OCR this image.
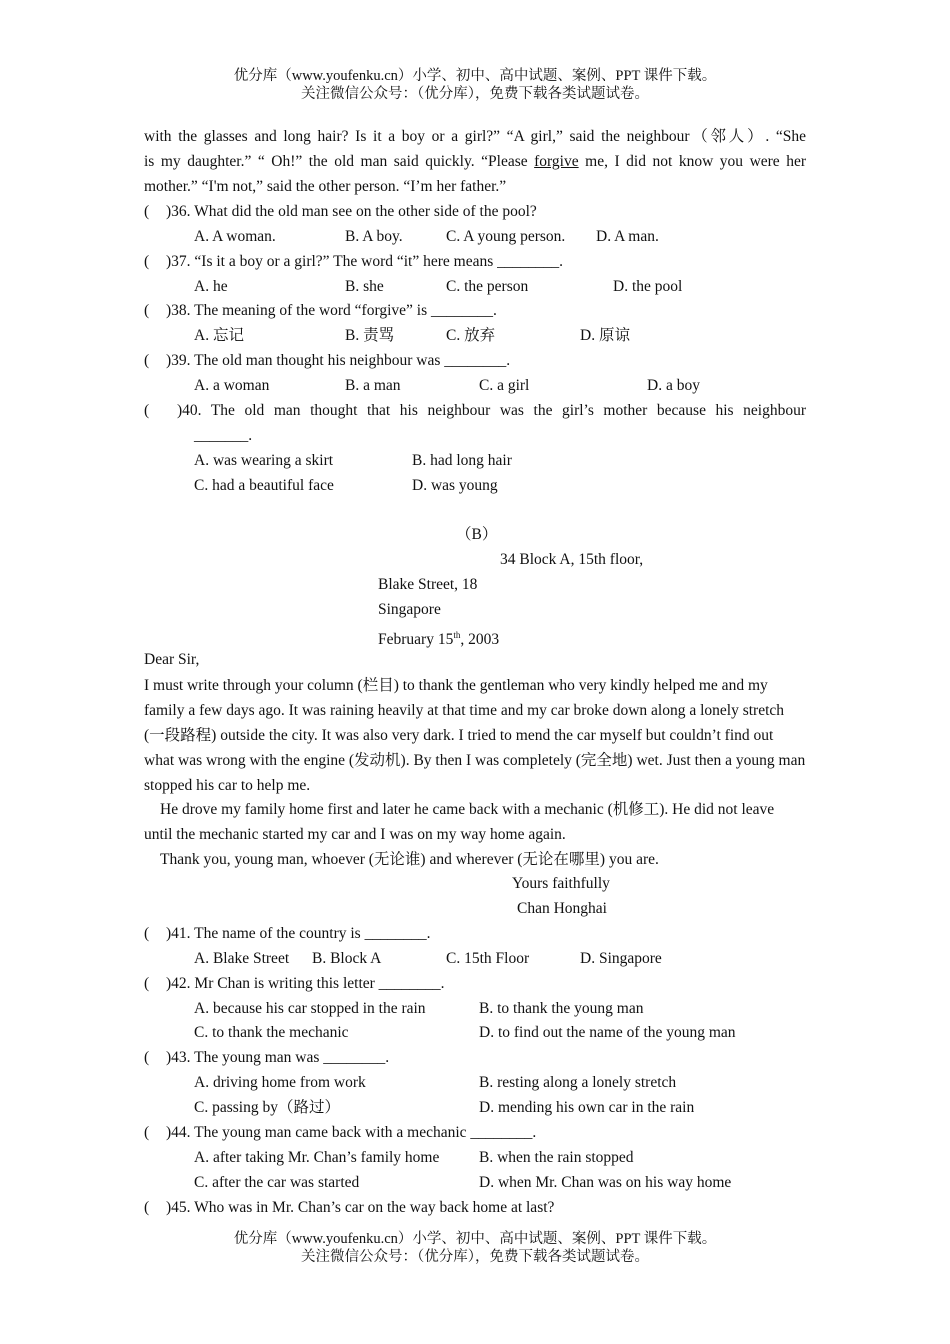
优分库（www.youfenku.cn）小学、初中、高中试题、案例、PPT 课件下载。
关注微信公众号：（优分库），免费下载各类试题试卷。
with the glasses and long hair? Is it a boy or a girl?” “A girl,” said the neighbour（邻人）. “She
is my daughter.” “ Oh!” the old man said quickly. “Please forgive me, I did not know you were her
mother.” “I'm not,” said the other person. “I’m her father.”
( )36. What did the old man see on the other side of the pool?
A. A woman.	B. A boy.	C. A young person. D. A man.
( )37. “Is it a boy or a girl?” The word “it” here means ________.
A. he	B. she	C. the person	D. the pool
( )38. The meaning of the word “forgive” is ________.
A. 忘记	B. 责骂	C. 放弃	D. 原谅
( )39. The old man thought his neighbour was ________.
A. a woman	B. a man	C. a girl	D. a boy
(	)40. The old man thought that his neighbour was the girl’s mother because his neighbour
_______.
A. was wearing a skirt	B. had long hair
C. had a beautiful face	D. was young
（B）
34 Block A, 15th floor,
Blake Street, 18
Singapore
February 15th, 2003
Dear Sir,
I must write through your column (栏目) to thank the gentleman who very kindly helped me and my family a few days ago. It was raining heavily at that time and my car broke down along a lonely stretch (一段路程) outside the city. It was also very dark. I tried to mend the car myself but couldn’t find out what was wrong with the engine (发动机). By then I was completely (完全地) wet. Just then a young man stopped his car to help me.
He drove my family home first and later he came back with a mechanic (机修工). He did not leave until the mechanic started my car and I was on my way home again.
Thank you, young man, whoever (无论谁) and wherever (无论在哪里) you are.
Yours faithfully
Chan Honghai
( )41. The name of the country is ________.
A. Blake Street B. Block A	C. 15th Floor	D. Singapore
( )42. Mr Chan is writing this letter ________.
A. because his car stopped in the rain	B. to thank the young man
C. to thank the mechanic	D. to find out the name of the young man
( )43. The young man was ________.
A. driving home from work	B. resting along a lonely stretch
C. passing by（路过）	D. mending his own car in the rain
( )44. The young man came back with a mechanic ________.
A. after taking Mr. Chan’s family home	B. when the rain stopped
C. after the car was started	D. when Mr. Chan was on his way home
( )45. Who was in Mr. Chan’s car on the way back home at last?
优分库（www.youfenku.cn）小学、初中、高中试题、案例、PPT 课件下载。
关注微信公众号：（优分库），免费下载各类试题试卷。
